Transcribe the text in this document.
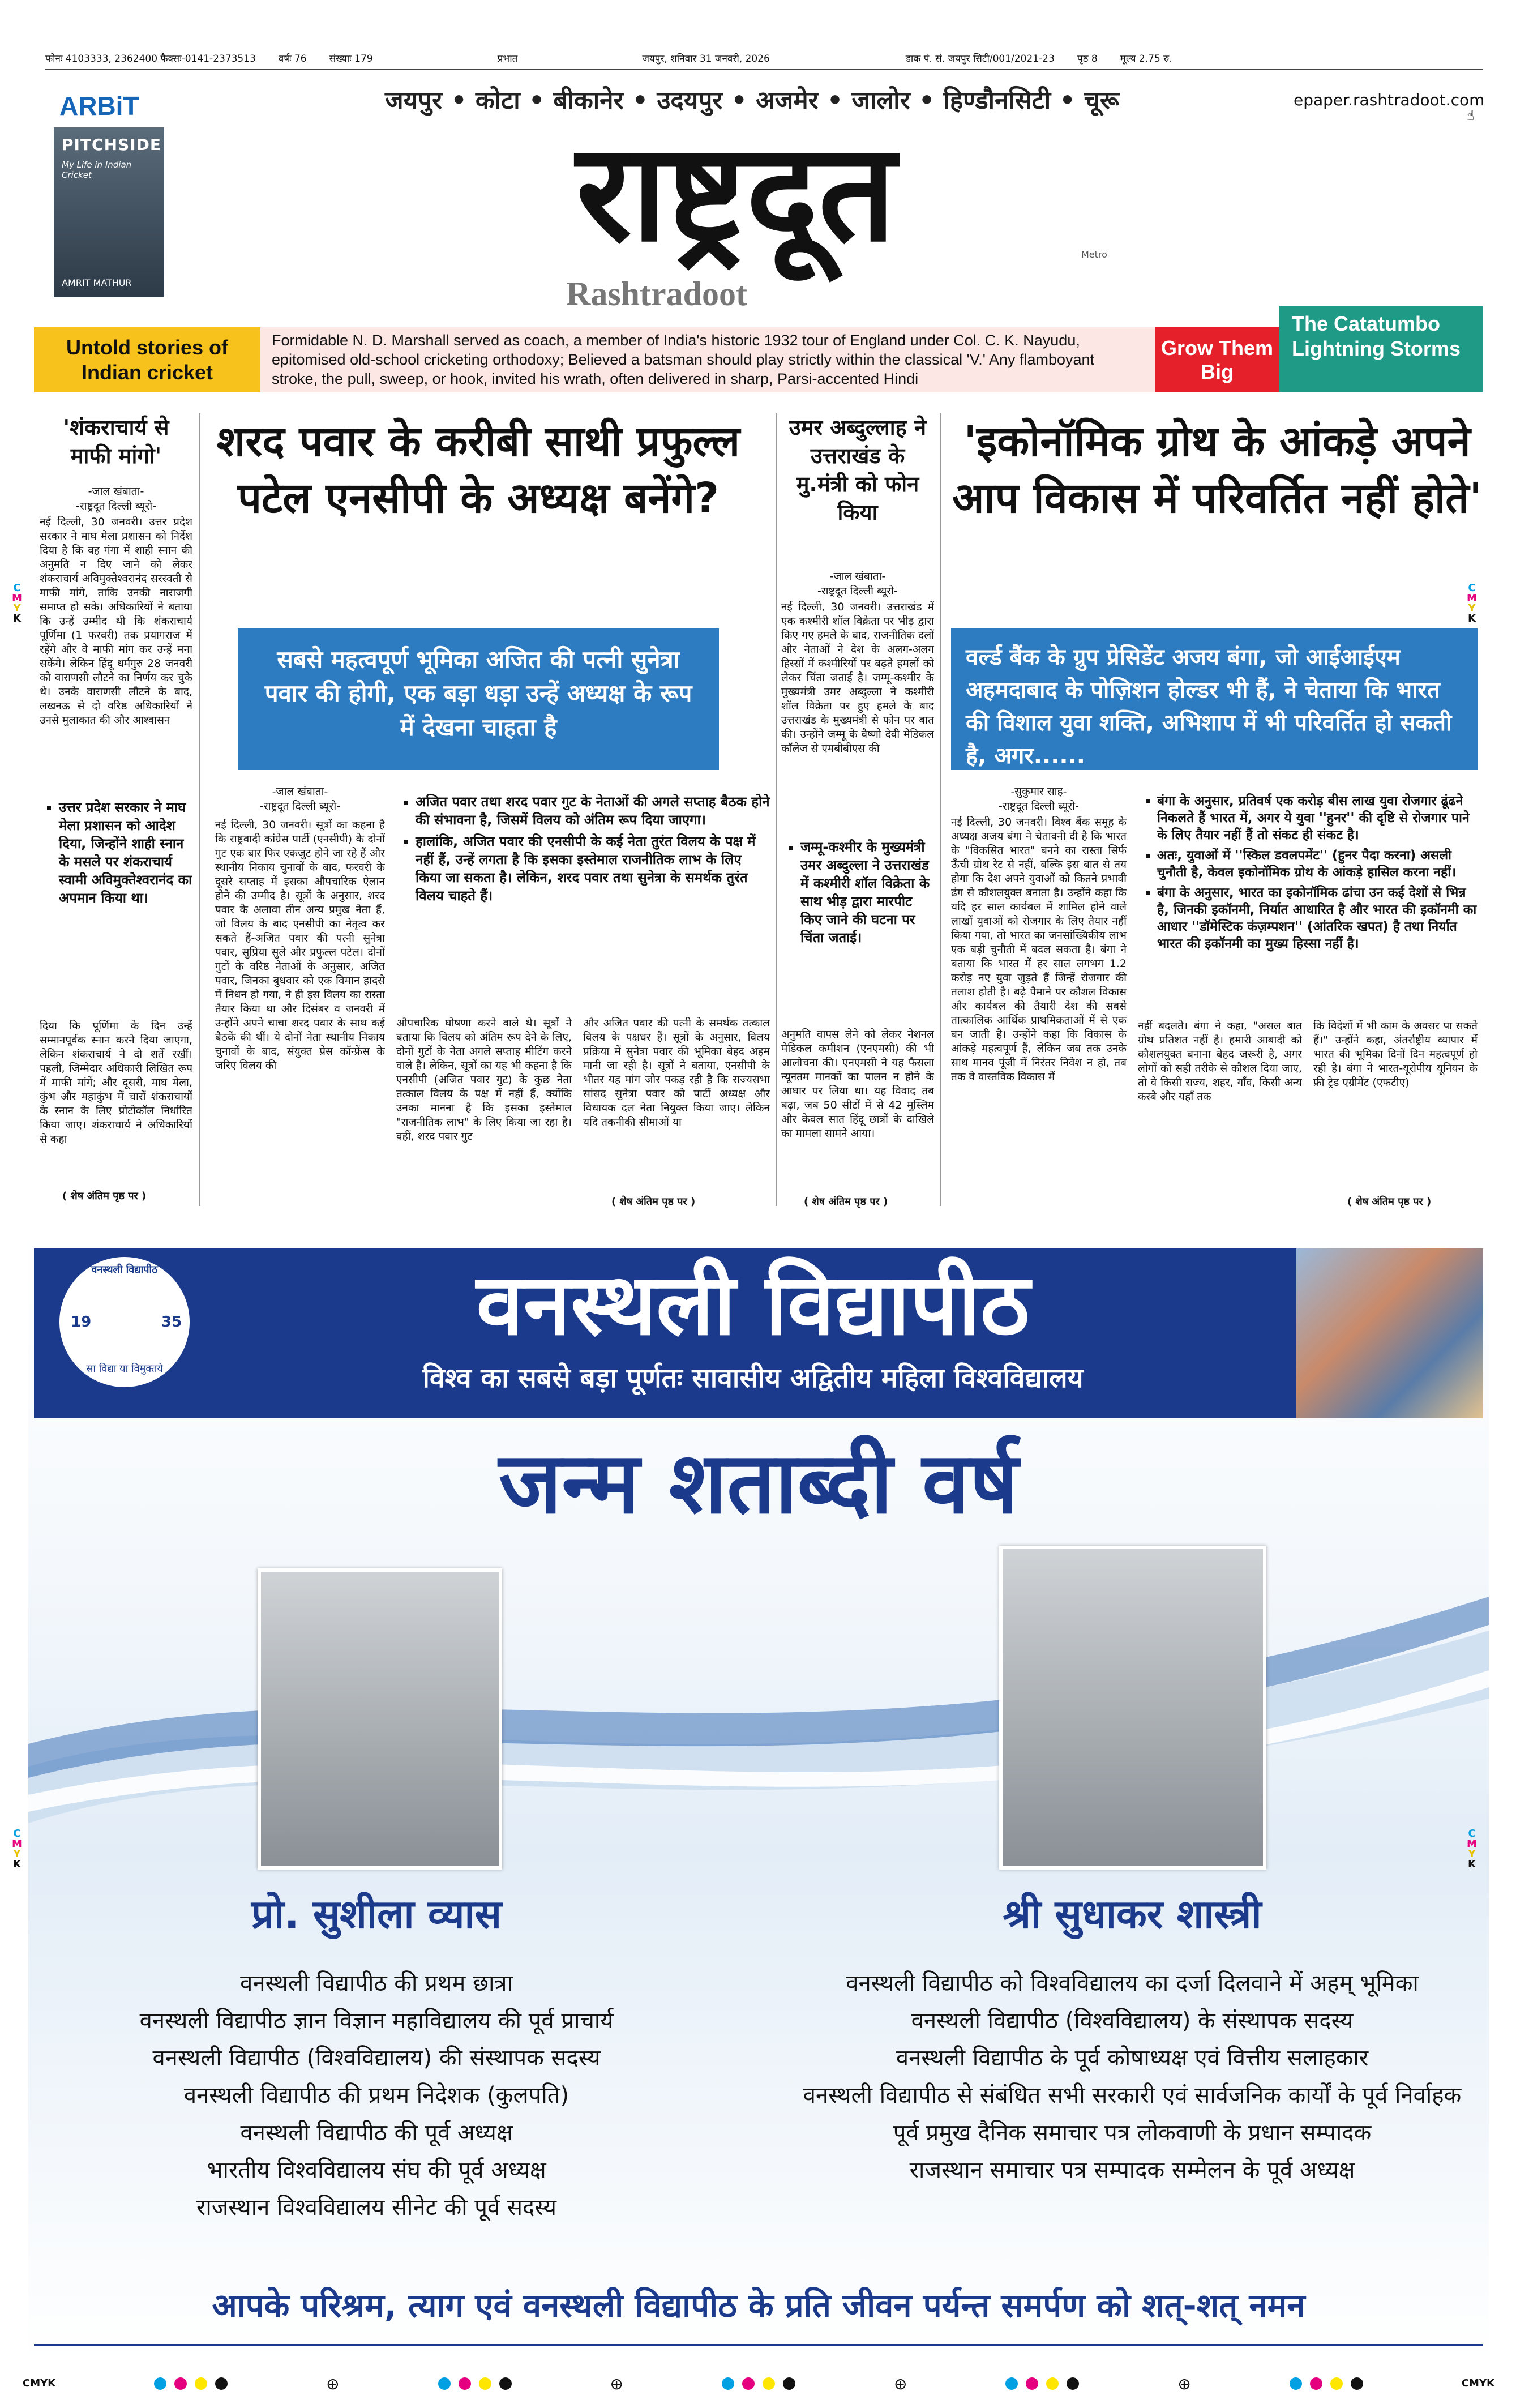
फोनः 4103333, 2362400 फैक्सः-0141-2373513 वर्षः 76 संख्याः 179	प्रभात	जयपुर, शनिवार 31 जनवरी, 2026	डाक पं. सं. जयपुर सिटी/001/2021-23 पृष्ठ 8 मूल्य 2.75 रु.
ARBiT
PITCHSIDE
My Life in Indian Cricket
AMRIT MATHUR
जयपुर • कोटा • बीकानेर • उदयपुर • अजमेर • जालोर • हिण्डौनसिटी • चूरू
राष्ट्रदूत	Metro
Rashtradoot
epaper.rashtradoot.com
☝
Untold stories of Indian cricket
Formidable N. D. Marshall served as coach, a member of India's historic 1932 tour of England under Col. C. K. Nayudu, epitomised old-school cricketing orthodoxy; Believed a batsman should play strictly within the classical 'V.' Any flamboyant stroke, the pull, sweep, or hook, invited his wrath, often delivered in sharp, Parsi-accented Hindi
Grow Them Big
The Catatumbo Lightning Storms
'शंकराचार्य से माफी मांगो'
-जाल खंबाता-
-राष्ट्रदूत दिल्ली ब्यूरो-
नई दिल्ली, 30 जनवरी। उत्तर प्रदेश सरकार ने माघ मेला प्रशासन को निर्देश दिया है कि वह गंगा में शाही स्नान की अनुमति न दिए जाने को लेकर शंकराचार्य अविमुक्तेश्वरानंद सरस्वती से माफी मांगे, ताकि उनकी नाराजगी समाप्त हो सके। अधिकारियों ने बताया कि उन्हें उम्मीद थी कि शंकराचार्य पूर्णिमा (1 फरवरी) तक प्रयागराज में रहेंगे और वे माफी मांग कर उन्हें मना सकेंगे। लेकिन हिंदू धर्मगुरु 28 जनवरी को वाराणसी लौटने का निर्णय कर चुके थे। उनके वाराणसी लौटने के बाद, लखनऊ से दो वरिष्ठ अधिकारियों ने उनसे मुलाकात की और आश्वासन
▪ उत्तर प्रदेश सरकार ने माघ मेला प्रशासन को आदेश दिया, जिन्होंने शाही स्नान के मसले पर शंकराचार्य स्वामी अविमुक्तेश्वरानंद का अपमान किया था।
दिया कि पूर्णिमा के दिन उन्हें सम्मानपूर्वक स्नान करने दिया जाएगा, लेकिन शंकराचार्य ने दो शर्तें रखीं। पहली, जिम्मेदार अधिकारी लिखित रूप में माफी मांगें; और दूसरी, माघ मेला, कुंभ और महाकुंभ में चारों शंकराचार्यों के स्नान के लिए प्रोटोकॉल निर्धारित किया जाए। शंकराचार्य ने अधिकारियों से कहा
( शेष अंतिम पृष्ठ पर )
शरद पवार के करीबी साथी प्रफुल्ल पटेल एनसीपी के अध्यक्ष बनेंगे?
सबसे महत्वपूर्ण भूमिका अजित की पत्नी सुनेत्रा पवार की होगी, एक बड़ा धड़ा उन्हें अध्यक्ष के रूप में देखना चाहता है
-जाल खंबाता-
-राष्ट्रदूत दिल्ली ब्यूरो-
नई दिल्ली, 30 जनवरी। सूत्रों का कहना है कि राष्ट्रवादी कांग्रेस पार्टी (एनसीपी) के दोनों गुट एक बार फिर एकजुट होने जा रहे हैं और स्थानीय निकाय चुनावों के बाद, फरवरी के दूसरे सप्ताह में इसका औपचारिक ऐलान होने की उम्मीद है। सूत्रों के अनुसार, शरद पवार के अलावा तीन अन्य प्रमुख नेता हैं, जो विलय के बाद एनसीपी का नेतृत्व कर सकते हैं-अजित पवार की पत्नी सुनेत्रा पवार, सुप्रिया सुले और प्रफुल्ल पटेल। दोनों गुटों के वरिष्ठ नेताओं के अनुसार, अजित पवार, जिनका बुधवार को एक विमान हादसे में निधन हो गया, ने ही इस विलय का रास्ता तैयार किया था और दिसंबर व जनवरी में उन्होंने अपने चाचा शरद पवार के साथ कई बैठकें की थीं। ये दोनों नेता स्थानीय निकाय चुनावों के बाद, संयुक्त प्रेस कॉन्फ्रेंस के जरिए विलय की
▪ अजित पवार तथा शरद पवार गुट के नेताओं की अगले सप्ताह बैठक होने की संभावना है, जिसमें विलय को अंतिम रूप दिया जाएगा।
▪ हालांकि, अजित पवार की एनसीपी के कई नेता तुरंत विलय के पक्ष में नहीं हैं, उन्हें लगता है कि इसका इस्तेमाल राजनीतिक लाभ के लिए किया जा सकता है। लेकिन, शरद पवार तथा सुनेत्रा के समर्थक तुरंत विलय चाहते हैं।
औपचारिक घोषणा करने वाले थे। सूत्रों ने बताया कि विलय को अंतिम रूप देने के लिए, दोनों गुटों के नेता अगले सप्ताह मीटिंग करने वाले हैं। लेकिन, सूत्रों का यह भी कहना है कि एनसीपी (अजित पवार गुट) के कुछ नेता तत्काल विलय के पक्ष में नहीं हैं, क्योंकि उनका मानना है कि इसका इस्तेमाल "राजनीतिक लाभ" के लिए किया जा रहा है। वहीं, शरद पवार गुट
और अजित पवार की पत्नी के समर्थक तत्काल विलय के पक्षधर हैं। सूत्रों के अनुसार, विलय प्रक्रिया में सुनेत्रा पवार की भूमिका बेहद अहम मानी जा रही है। सूत्रों ने बताया, एनसीपी के भीतर यह मांग जोर पकड़ रही है कि राज्यसभा सांसद सुनेत्रा पवार को पार्टी अध्यक्ष और विधायक दल नेता नियुक्त किया जाए। लेकिन यदि तकनीकी सीमाओं या
( शेष अंतिम पृष्ठ पर )
उमर अब्दुल्लाह ने उत्तराखंड के मु.मंत्री को फोन किया
-जाल खंबाता-
-राष्ट्रदूत दिल्ली ब्यूरो-
नई दिल्ली, 30 जनवरी। उत्तराखंड में एक कश्मीरी शॉल विक्रेता पर भीड़ द्वारा किए गए हमले के बाद, राजनीतिक दलों और नेताओं ने देश के अलग-अलग हिस्सों में कश्मीरियों पर बढ़ते हमलों को लेकर चिंता जताई है। जम्मू-कश्मीर के मुख्यमंत्री उमर अब्दुल्ला ने कश्मीरी शॉल विक्रेता पर हुए हमले के बाद उत्तराखंड के मुख्यमंत्री से फोन पर बात की। उन्होंने जम्मू के वैष्णो देवी मेडिकल कॉलेज से एमबीबीएस की
▪ जम्मू-कश्मीर के मुख्यमंत्री उमर अब्दुल्ला ने उत्तराखंड में कश्मीरी शॉल विक्रेता के साथ भीड़ द्वारा मारपीट किए जाने की घटना पर चिंता जताई।
अनुमति वापस लेने को लेकर नेशनल मेडिकल कमीशन (एनएमसी) की भी आलोचना की। एनएमसी ने यह फैसला न्यूनतम मानकों का पालन न होने के आधार पर लिया था। यह विवाद तब बढ़ा, जब 50 सीटों में से 42 मुस्लिम और केवल सात हिंदू छात्रों के दाखिले का मामला सामने आया।
( शेष अंतिम पृष्ठ पर )
'इकोनॉमिक ग्रोथ के आंकड़े अपने आप विकास में परिवर्तित नहीं होते'
वर्ल्ड बैंक के ग्रुप प्रेसिडेंट अजय बंगा, जो आईआईएम अहमदाबाद के पोज़िशन होल्डर भी हैं, ने चेताया कि भारत की विशाल युवा शक्ति, अभिशाप में भी परिवर्तित हो सकती है, अगर......
-सुकुमार साह-
-राष्ट्रदूत दिल्ली ब्यूरो-
नई दिल्ली, 30 जनवरी। विश्व बैंक समूह के अध्यक्ष अजय बंगा ने चेतावनी दी है कि भारत के "विकसित भारत" बनने का रास्ता सिर्फ ऊँची ग्रोथ रेट से नहीं, बल्कि इस बात से तय होगा कि देश अपने युवाओं को कितने प्रभावी ढंग से कौशलयुक्त बनाता है। उन्होंने कहा कि यदि हर साल कार्यबल में शामिल होने वाले लाखों युवाओं को रोजगार के लिए तैयार नहीं किया गया, तो भारत का जनसांख्यिकीय लाभ एक बड़ी चुनौती में बदल सकता है। बंगा ने बताया कि भारत में हर साल लगभग 1.2 करोड़ नए युवा जुड़ते हैं जिन्हें रोजगार की तलाश होती है। बढ़े पैमाने पर कौशल विकास और कार्यबल की तैयारी देश की सबसे तात्कालिक आर्थिक प्राथमिकताओं में से एक बन जाती है। उन्होंने कहा कि विकास के आंकड़े महत्वपूर्ण हैं, लेकिन जब तक उनके साथ मानव पूंजी में निरंतर निवेश न हो, तब तक वे वास्तविक विकास में
▪ बंगा के अनुसार, प्रतिवर्ष एक करोड़ बीस लाख युवा रोजगार ढूंढने निकलते हैं भारत में, अगर ये युवा ''हुनर'' की दृष्टि से रोजगार पाने के लिए तैयार नहीं हैं तो संकट ही संकट है।
▪ अतः, युवाओं में ''स्किल डवलपमेंट'' (हुनर पैदा करना) असली चुनौती है, केवल इकोनॉमिक ग्रोथ के आंकड़े हासिल करना नहीं।
▪ बंगा के अनुसार, भारत का इकोनॉमिक ढांचा उन कई देशों से भिन्न है, जिनकी इकॉनमी, निर्यात आधारित है और भारत की इकॉनमी का आधार ''डॉमेस्टिक कंज़म्पशन'' (आंतरिक खपत) है तथा निर्यात भारत की इकॉनमी का मुख्य हिस्सा नहीं है।
नहीं बदलते। बंगा ने कहा, "असल बात ग्रोथ प्रतिशत नहीं है। हमारी आबादी को कौशलयुक्त बनाना बेहद जरूरी है, अगर लोगों को सही तरीके से कौशल दिया जाए, तो वे किसी राज्य, शहर, गाँव, किसी अन्य कस्बे और यहाँ तक
कि विदेशों में भी काम के अवसर पा सकते हैं।" उन्होंने कहा, अंतर्राष्ट्रीय व्यापार में भारत की भूमिका दिनों दिन महत्वपूर्ण हो रही है। बंगा ने भारत-यूरोपीय यूनियन के फ्री ट्रेड एग्रीमेंट (एफटीए)
( शेष अंतिम पृष्ठ पर )
वनस्थली विद्यापीठ
19	35
सा विद्या या विमुक्तये
वनस्थली विद्यापीठ
विश्व का सबसे बड़ा पूर्णतः सावासीय अद्वितीय महिला विश्वविद्यालय
जन्म शताब्दी वर्ष
प्रो. सुशीला व्यास
वनस्थली विद्यापीठ की प्रथम छात्रा
वनस्थली विद्यापीठ ज्ञान विज्ञान महाविद्यालय की पूर्व प्राचार्य
वनस्थली विद्यापीठ (विश्वविद्यालय) की संस्थापक सदस्य
वनस्थली विद्यापीठ की प्रथम निदेशक (कुलपति)
वनस्थली विद्यापीठ की पूर्व अध्यक्ष
भारतीय विश्वविद्यालय संघ की पूर्व अध्यक्ष
राजस्थान विश्वविद्यालय सीनेट की पूर्व सदस्य
श्री सुधाकर शास्त्री
वनस्थली विद्यापीठ को विश्वविद्यालय का दर्जा दिलवाने में अहम् भूमिका
वनस्थली विद्यापीठ (विश्वविद्यालय) के संस्थापक सदस्य
वनस्थली विद्यापीठ के पूर्व कोषाध्यक्ष एवं वित्तीय सलाहकार
वनस्थली विद्यापीठ से संबंधित सभी सरकारी एवं सार्वजनिक कार्यों के पूर्व निर्वाहक
पूर्व प्रमुख दैनिक समाचार पत्र लोकवाणी के प्रधान सम्पादक
राजस्थान समाचार पत्र सम्पादक सम्मेलन के पूर्व अध्यक्ष
आपके परिश्रम, त्याग एवं वनस्थली विद्यापीठ के प्रति जीवन पर्यन्त समर्पण को शत्-शत् नमन
C
M
Y
K
C
M
Y
K
C
M
Y
K
C
M
Y
K
CMYK	⊕	⊕	⊕	⊕	CMYK
